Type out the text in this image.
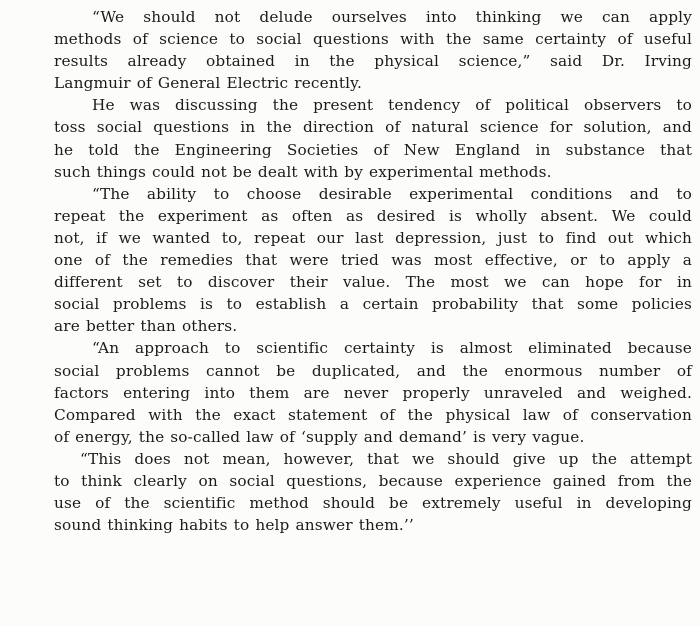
“We should not delude ourselves into thinking we can apply
methods of science to social questions with the same certainty of useful
results already obtained in the physical science,” said Dr. Irving
Langmuir of General Electric recently.

He was discussing the present tendency of political observers to
toss social questions in the direction of natural science for solution, and
he told the Engineering Societies of New England in substance that
such things could not be dealt with by experimental methods.

“The ability to choose desirable experimental conditions and to
repeat the experiment as often as desired is wholly absent. We could
not, if we wanted to, repeat our last depression, just to find out which
one of the remedies that were tried was most effective, or to apply a
different set to discover their value. The most we can hope for in
social problems is to establish a certain probability that some policies
are better than others.

“An approach to scientific certainty is almost eliminated because
social problems cannot be duplicated, and the enormous number of
factors entering into them are never properly unraveled and weighed.
Compared with the exact statement of the physical law of conservation
of energy, the so-called law of ‘supply and demand’ is very vague.

“This does not mean, however, that we should give up the attempt
to think clearly on social questions, because experience gained from the
use of the scientific method should be extremely useful in developing
sound thinking habits to help answer them.’’
